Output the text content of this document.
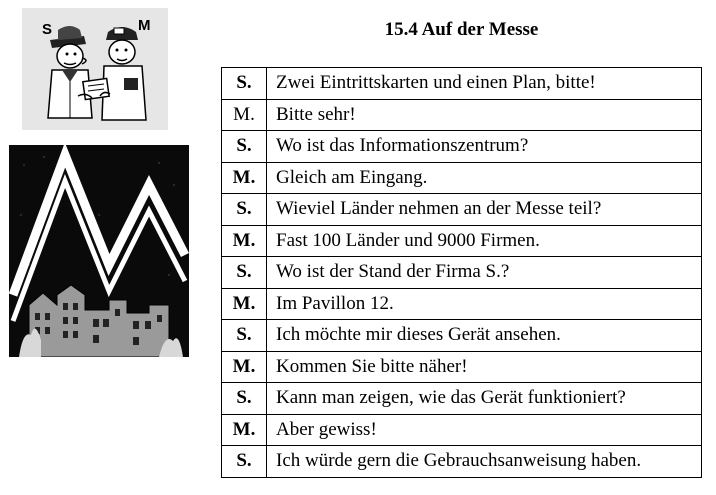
15.4 Auf der Messe
S	M
S.	Zwei Eintrittskarten und einen Plan, bitte!
M.	Bitte sehr!
S.	Wo ist das Informationszentrum?
M.	Gleich am Eingang.
S.	Wieviel Länder nehmen an der Messe teil?
M.	Fast 100 Länder und 9000 Firmen.
S.	Wo ist der Stand der Firma S.?
M.	Im Pavillon 12.
S.	Ich möchte mir dieses Gerät ansehen.
M.	Kommen Sie bitte näher!
S.	Kann man zeigen, wie das Gerät funktioniert?
M.	Aber gewiss!
S.	Ich würde gern die Gebrauchsanweisung haben.
